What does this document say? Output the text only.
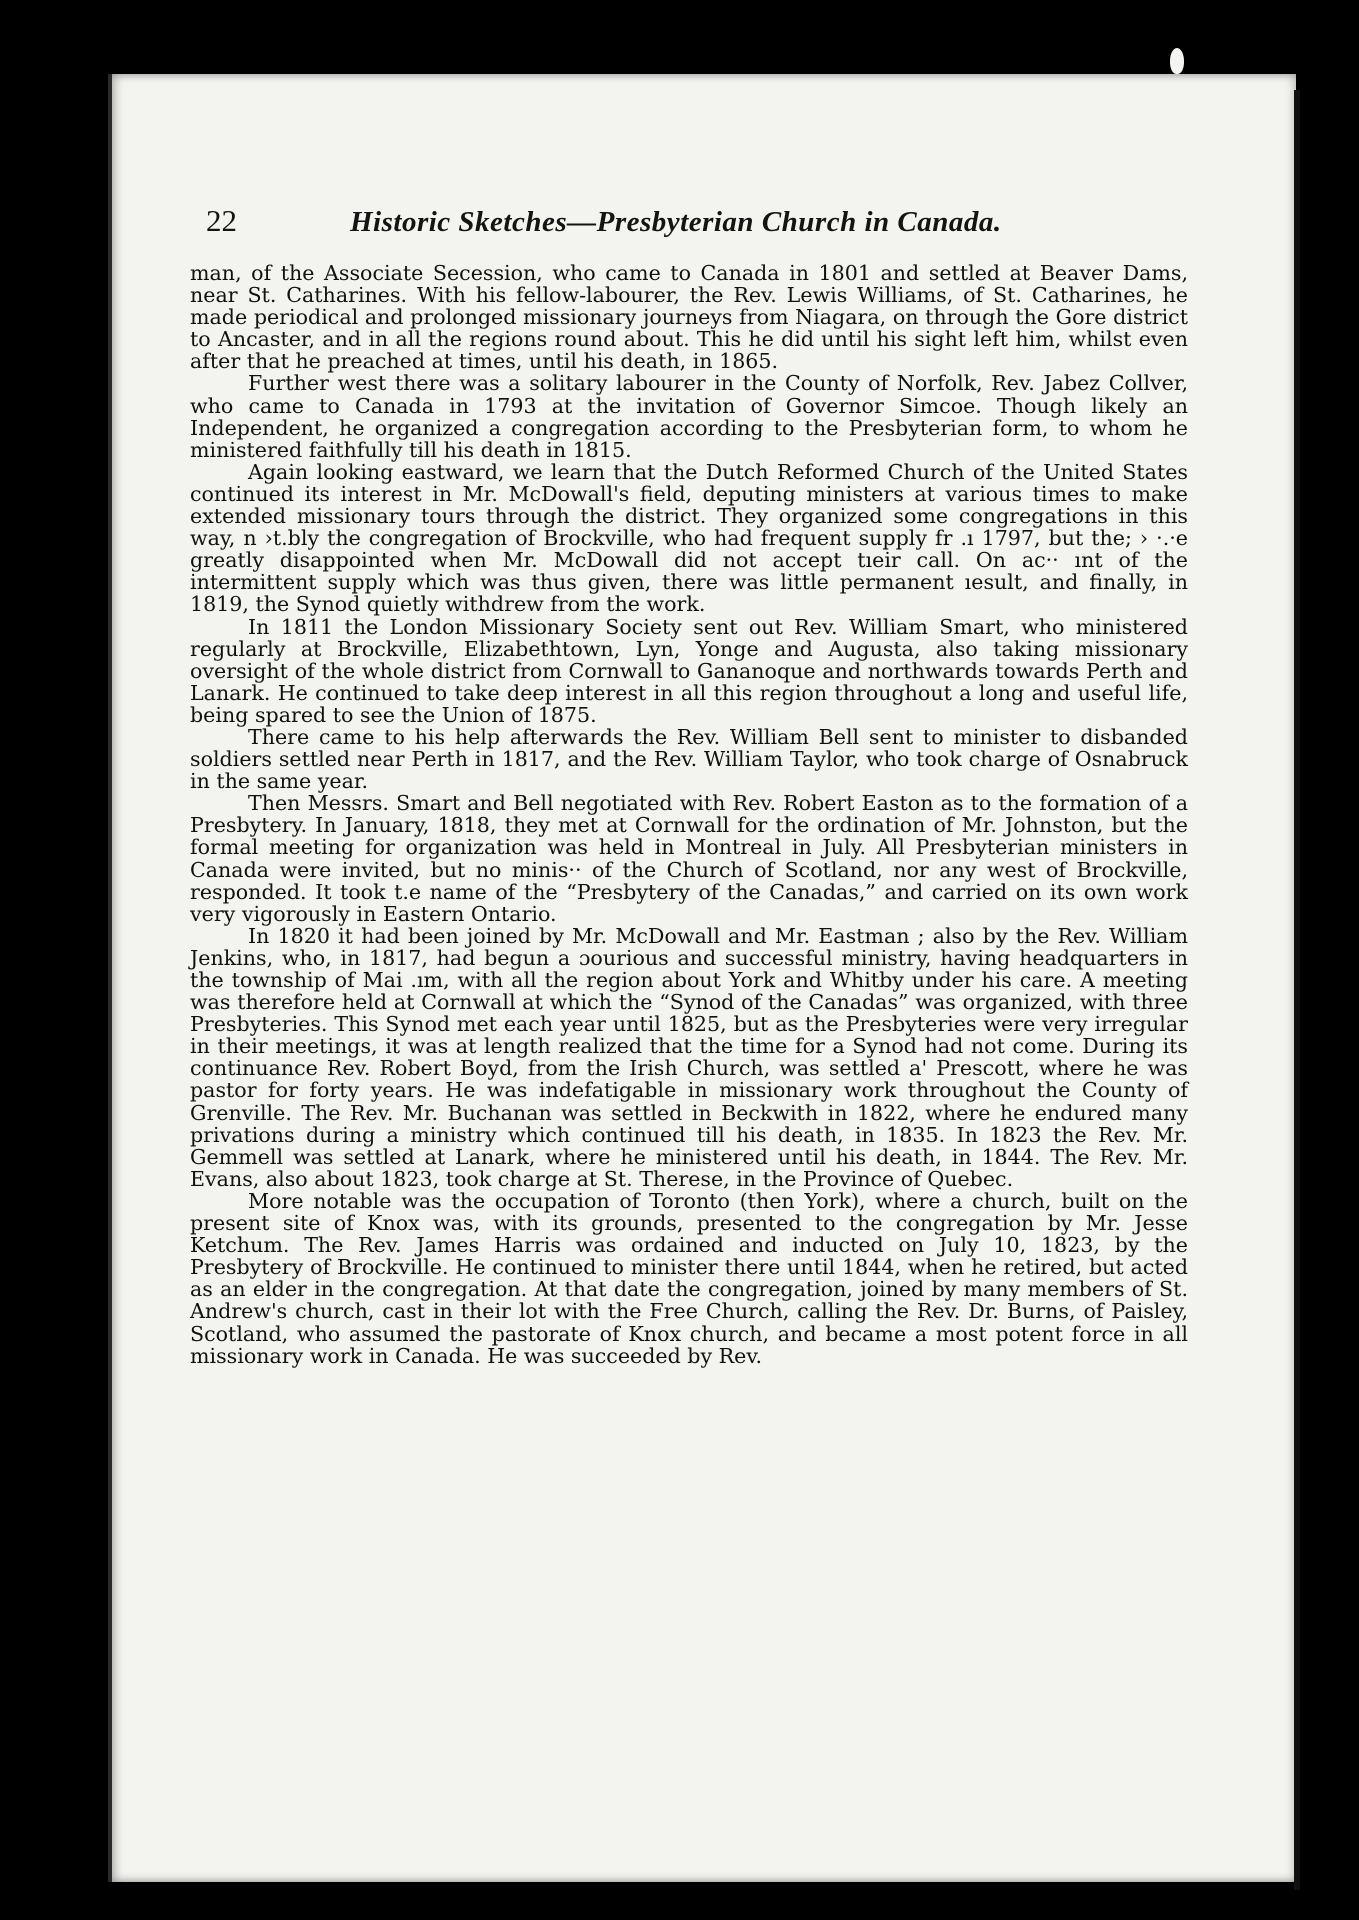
22	Historic Sketches—Presbyterian Church in Canada.

man, of the Associate Secession, who came to Canada in 1801 and settled at Beaver Dams, near St. Catharines. With his fellow-labourer, the Rev. Lewis Williams, of St. Catharines, he made periodical and prolonged missionary journeys from Niagara, on through the Gore district to Ancaster, and in all the regions round about. This he did until his sight left him, whilst even after that he preached at times, until his death, in 1865.

Further west there was a solitary labourer in the County of Norfolk, Rev. Jabez Collver, who came to Canada in 1793 at the invitation of Governor Simcoe. Though likely an Independent, he organized a congregation according to the Presbyterian form, to whom he ministered faithfully till his death in 1815.

Again looking eastward, we learn that the Dutch Reformed Church of the United States continued its interest in Mr. McDowall's field, deputing ministers at various times to make extended missionary tours through the district. They organized some congregations in this way, n ›t.bly the congregation of Brockville, who had frequent supply fr .ı 1797, but the; › ·.·e greatly disappointed when Mr. McDowall did not accept tıeir call. On ac·· ınt of the intermittent supply which was thus given, there was little permanent ıesult, and finally, in 1819, the Synod quietly withdrew from the work.

In 1811 the London Missionary Society sent out Rev. William Smart, who ministered regularly at Brockville, Elizabethtown, Lyn, Yonge and Augusta, also taking missionary oversight of the whole district from Cornwall to Gananoque and northwards towards Perth and Lanark. He continued to take deep interest in all this region throughout a long and useful life, being spared to see the Union of 1875.

There came to his help afterwards the Rev. William Bell sent to minister to disbanded soldiers settled near Perth in 1817, and the Rev. William Taylor, who took charge of Osnabruck in the same year.

Then Messrs. Smart and Bell negotiated with Rev. Robert Easton as to the formation of a Presbytery. In January, 1818, they met at Cornwall for the ordination of Mr. Johnston, but the formal meeting for organization was held in Montreal in July. All Presbyterian ministers in Canada were invited, but no minis·· of the Church of Scotland, nor any west of Brockville, responded. It took t.e name of the “Presbytery of the Canadas,” and carried on its own work very vigorously in Eastern Ontario.

In 1820 it had been joined by Mr. McDowall and Mr. Eastman ; also by the Rev. William Jenkins, who, in 1817, had begun a ɔourious and successful ministry, having headquarters in the township of Mai .ım, with all the region about York and Whitby under his care. A meeting was therefore held at Cornwall at which the “Synod of the Canadas” was organized, with three Presbyteries. This Synod met each year until 1825, but as the Presbyteries were very irregular in their meetings, it was at length realized that the time for a Synod had not come. During its continuance Rev. Robert Boyd, from the Irish Church, was settled a' Prescott, where he was pastor for forty years. He was indefatigable in missionary work throughout the County of Grenville. The Rev. Mr. Buchanan was settled in Beckwith in 1822, where he endured many privations during a ministry which continued till his death, in 1835. In 1823 the Rev. Mr. Gemmell was settled at Lanark, where he ministered until his death, in 1844. The Rev. Mr. Evans, also about 1823, took charge at St. Therese, in the Province of Quebec.

More notable was the occupation of Toronto (then York), where a church, built on the present site of Knox was, with its grounds, presented to the congregation by Mr. Jesse Ketchum. The Rev. James Harris was ordained and inducted on July 10, 1823, by the Presbytery of Brockville. He continued to minister there until 1844, when he retired, but acted as an elder in the congregation. At that date the congregation, joined by many members of St. Andrew's church, cast in their lot with the Free Church, calling the Rev. Dr. Burns, of Paisley, Scotland, who assumed the pastorate of Knox church, and became a most potent force in all missionary work in Canada. He was succeeded by Rev.
